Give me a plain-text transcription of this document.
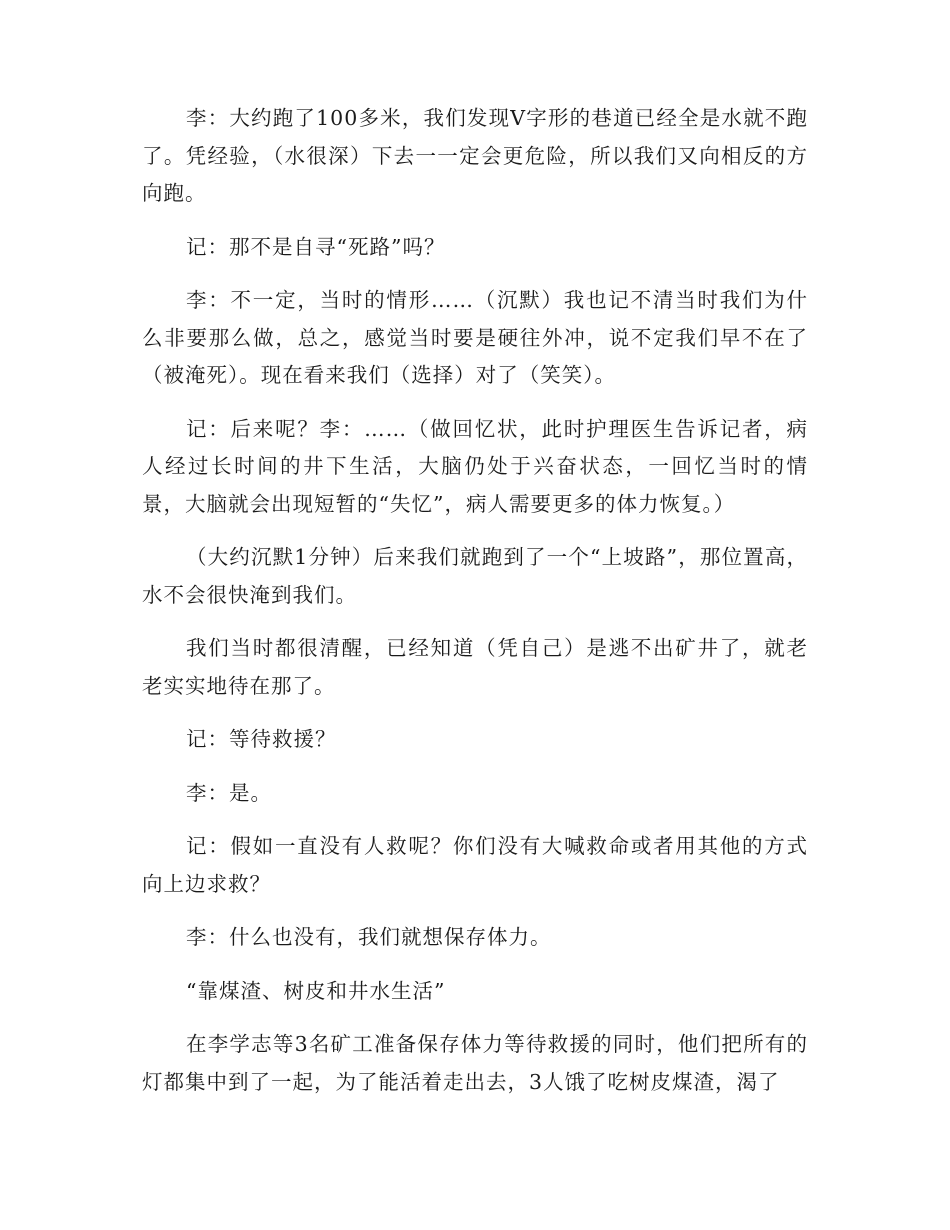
李：大约跑了100多米，我们发现V字形的巷道已经全是水就不跑了。凭经验，（水很深）下去一一定会更危险，所以我们又向相反的方向跑。

记：那不是自寻“死路”吗？

李：不一定，当时的情形……（沉默）我也记不清当时我们为什么非要那么做，总之，感觉当时要是硬往外冲，说不定我们早不在了（被淹死）。现在看来我们（选择）对了（笑笑）。

记：后来呢？李：……（做回忆状，此时护理医生告诉记者，病人经过长时间的井下生活，大脑仍处于兴奋状态，一回忆当时的情景，大脑就会出现短暂的“失忆”，病人需要更多的体力恢复。）

（大约沉默1分钟）后来我们就跑到了一个“上坡路”，那位置高，水不会很快淹到我们。

我们当时都很清醒，已经知道（凭自己）是逃不出矿井了，就老老实实地待在那了。

记：等待救援？

李：是。

记：假如一直没有人救呢？你们没有大喊救命或者用其他的方式向上边求救？

李：什么也没有，我们就想保存体力。

“靠煤渣、树皮和井水生活”

在李学志等3名矿工准备保存体力等待救援的同时，他们把所有的灯都集中到了一起，为了能活着走出去，3人饿了吃树皮煤渣，渴了
